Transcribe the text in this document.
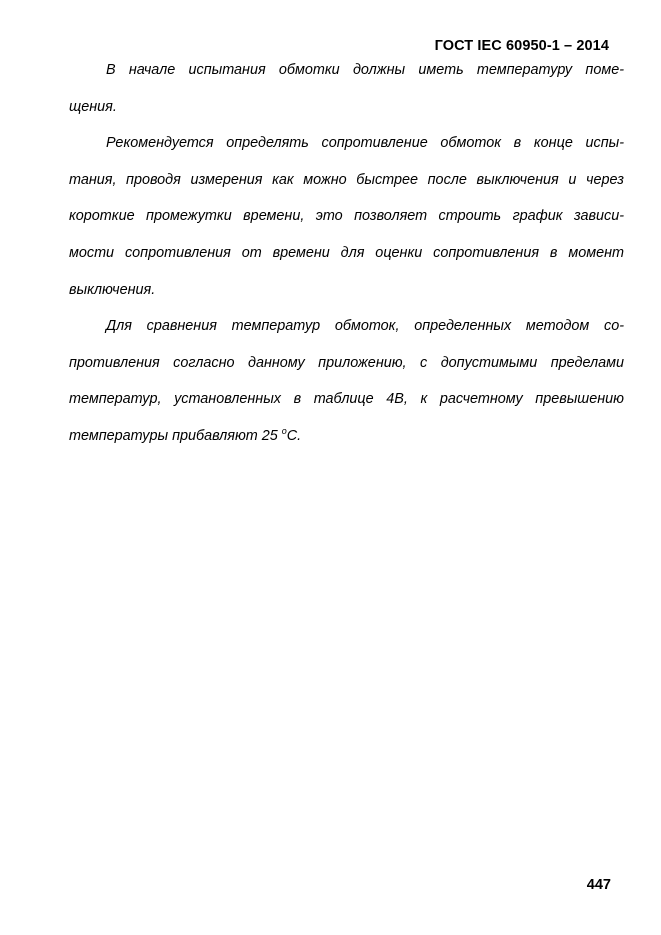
ГОСТ IEC 60950-1 – 2014
В начале испытания обмотки должны иметь температуру поме-
щения.
Рекомендуется определять сопротивление обмоток в конце испы-
тания, проводя измерения как можно быстрее после выключения и через
короткие промежутки времени, это позволяет строить график зависи-
мости сопротивления от времени для оценки сопротивления в момент
выключения.
Для сравнения температур обмоток, определенных методом со-
противления согласно данному приложению, с допустимыми пределами
температур, установленных в таблице 4В, к расчетному превышению
температуры прибавляют 25 $^о$С.
447
